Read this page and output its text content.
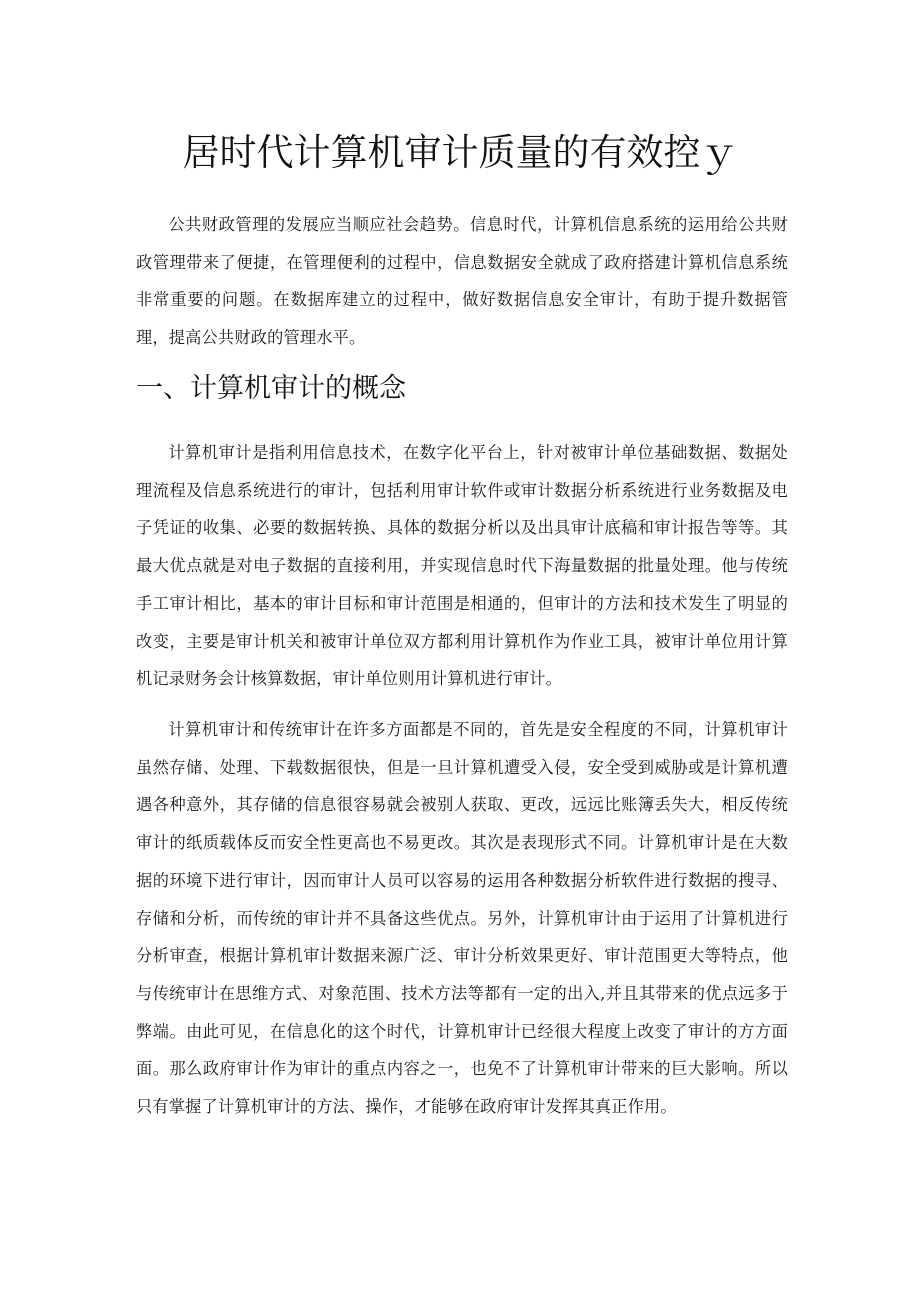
居时代计算机审计质量的有效控ｙ

公共财政管理的发展应当顺应社会趋势。信息时代，计算机信息系统的运用给公共财政管理带来了便捷，在管理便利的过程中，信息数据安全就成了政府搭建计算机信息系统非常重要的问题。在数据库建立的过程中，做好数据信息安全审计，有助于提升数据管理，提高公共财政的管理水平。

一、计算机审计的概念

计算机审计是指利用信息技术，在数字化平台上，针对被审计单位基础数据、数据处理流程及信息系统进行的审计，包括利用审计软件或审计数据分析系统进行业务数据及电子凭证的收集、必要的数据转换、具体的数据分析以及出具审计底稿和审计报告等等。其最大优点就是对电子数据的直接利用，并实现信息时代下海量数据的批量处理。他与传统手工审计相比，基本的审计目标和审计范围是相通的，但审计的方法和技术发生了明显的改变，主要是审计机关和被审计单位双方都利用计算机作为作业工具，被审计单位用计算机记录财务会计核算数据，审计单位则用计算机进行审计。

计算机审计和传统审计在许多方面都是不同的，首先是安全程度的不同，计算机审计虽然存储、处理、下载数据很快，但是一旦计算机遭受入侵，安全受到威胁或是计算机遭遇各种意外，其存储的信息很容易就会被别人获取、更改，远远比账簿丢失大，相反传统审计的纸质载体反而安全性更高也不易更改。其次是表现形式不同。计算机审计是在大数据的环境下进行审计，因而审计人员可以容易的运用各种数据分析软件进行数据的搜寻、存储和分析，而传统的审计并不具备这些优点。另外，计算机审计由于运用了计算机进行分析审查，根据计算机审计数据来源广泛、审计分析效果更好、审计范围更大等特点，他与传统审计在思维方式、对象范围、技术方法等都有一定的出入,并且其带来的优点远多于弊端。由此可见，在信息化的这个时代，计算机审计已经很大程度上改变了审计的方方面面。那么政府审计作为审计的重点内容之一，也免不了计算机审计带来的巨大影响。所以只有掌握了计算机审计的方法、操作，才能够在政府审计发挥其真正作用。
